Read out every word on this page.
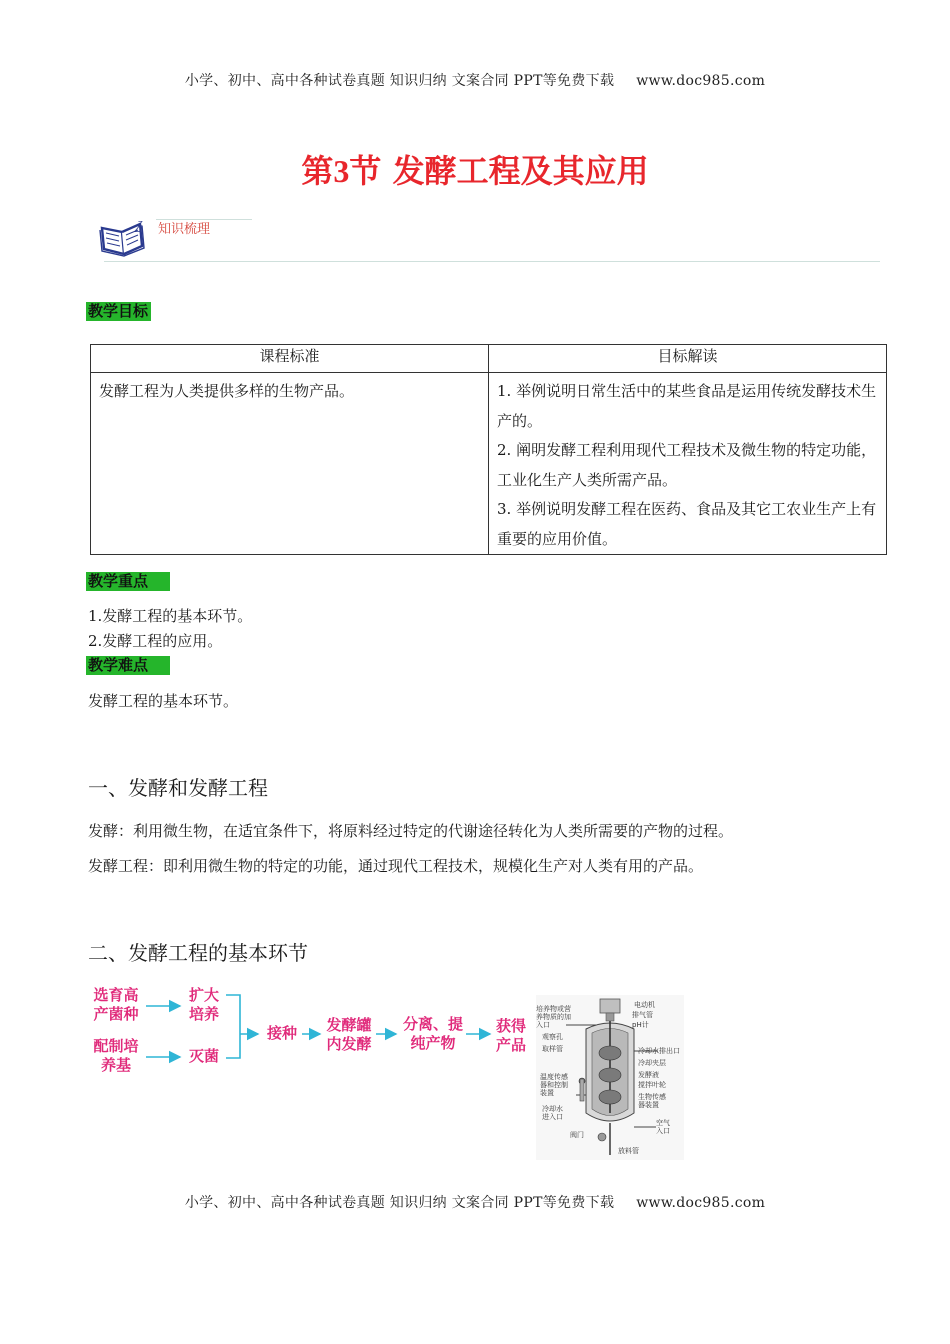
小学、初中、高中各种试卷真题 知识归纳 文案合同 PPT等免费下载 www.doc985.com
第3节 发酵工程及其应用
Z
Z 知识梳理
教学目标
课程标准	目标解读
发酵工程为人类提供多样的生物产品。	1. 举例说明日常生活中的某些食品是运用传统发酵技术生产的。
2. 阐明发酵工程利用现代工程技术及微生物的特定功能，工业化生产人类所需产品。
3. 举例说明发酵工程在医药、食品及其它工农业生产上有重要的应用价值。
教学重点
1.发酵工程的基本环节。
2.发酵工程的应用。
教学难点
发酵工程的基本环节。
一、发酵和发酵工程
发酵：利用微生物，在适宜条件下，将原料经过特定的代谢途径转化为人类所需要的产物的过程。
发酵工程：即利用微生物的特定的功能，通过现代工程技术，规模化生产对人类有用的产品。
二、发酵工程的基本环节
选育高
产菌种
配制培
养基
扩大
培养
灭菌
接种	发酵罐
内发酵
分离、提
纯产物
获得
产品
培养物或营
养物质的加
入口
观察孔
取样管
温度传感
器和控制
装置
冷却水
进入口
阀门
电动机
排气管
pH计
冷却水排出口
冷却夹层
发酵液
搅拌叶轮
生物传感
器装置
空气
入口
放料管
小学、初中、高中各种试卷真题 知识归纳 文案合同 PPT等免费下载 www.doc985.com
